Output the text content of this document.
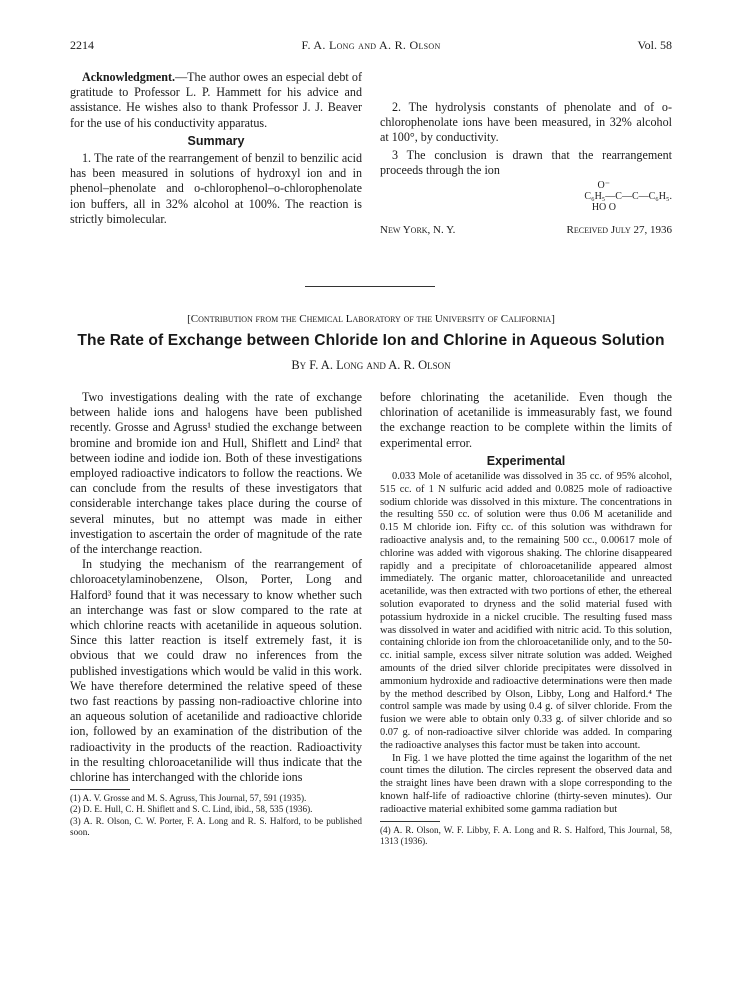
2214	F. A. Long and A. R. Olson	Vol. 58

Acknowledgment.—The author owes an especial debt of gratitude to Professor L. P. Hammett for his advice and assistance. He wishes also to thank Professor J. J. Beaver for the use of his conductivity apparatus.

Summary

1. The rate of the rearrangement of benzil to benzilic acid has been measured in solutions of hydroxyl ion and in phenol–phenolate and o-chlorophenol–o-chlorophenolate ion buffers, all in 32% alcohol at 100%. The reaction is strictly bimolecular.

2. The hydrolysis constants of phenolate and of o-chlorophenolate ions have been measured, in 32% alcohol at 100°, by conductivity.

3 The conclusion is drawn that the rearrangement proceeds through the ion

O⁻
C₆H₅—C—C—C₆H₅.
HO O
New York, N. Y.	Received July 27, 1936
[Contribution from the Chemical Laboratory of the University of California]
The Rate of Exchange between Chloride Ion and Chlorine in Aqueous Solution
By F. A. Long and A. R. Olson

Two investigations dealing with the rate of exchange between halide ions and halogens have been published recently. Grosse and Agruss¹ studied the exchange between bromine and bromide ion and Hull, Shiflett and Lind² that between iodine and iodide ion. Both of these investigations employed radioactive indicators to follow the reactions. We can conclude from the results of these investigators that considerable interchange takes place during the course of several minutes, but no attempt was made in either investigation to ascertain the order of magnitude of the rate of the interchange reaction.

In studying the mechanism of the rearrangement of chloroacetylaminobenzene, Olson, Porter, Long and Halford³ found that it was necessary to know whether such an interchange was fast or slow compared to the rate at which chlorine reacts with acetanilide in aqueous solution. Since this latter reaction is itself extremely fast, it is obvious that we could draw no inferences from the published investigations which would be valid in this work. We have therefore determined the relative speed of these two fast reactions by passing non-radioactive chlorine into an aqueous solution of acetanilide and radioactive chloride ion, followed by an examination of the distribution of the radioactivity in the products of the reaction. Radioactivity in the resulting chloroacetanilide will thus indicate that the chlorine has interchanged with the chloride ions

(1) A. V. Grosse and M. S. Agruss, This Journal, 57, 591 (1935).
(2) D. E. Hull, C. H. Shiflett and S. C. Lind, ibid., 58, 535 (1936).
(3) A. R. Olson, C. W. Porter, F. A. Long and R. S. Halford, to be published soon.

before chlorinating the acetanilide. Even though the chlorination of acetanilide is immeasurably fast, we found the exchange reaction to be complete within the limits of experimental error.

Experimental

0.033 Mole of acetanilide was dissolved in 35 cc. of 95% alcohol, 515 cc. of 1 N sulfuric acid added and 0.0825 mole of radioactive sodium chloride was dissolved in this mixture. The concentrations in the resulting 550 cc. of solution were thus 0.06 M acetanilide and 0.15 M chloride ion. Fifty cc. of this solution was withdrawn for radioactive analysis and, to the remaining 500 cc., 0.00617 mole of chlorine was added with vigorous shaking. The chlorine disappeared rapidly and a precipitate of chloroacetanilide appeared almost immediately. The organic matter, chloroacetanilide and unreacted acetanilide, was then extracted with two portions of ether, the ethereal solution evaporated to dryness and the solid material fused with potassium hydroxide in a nickel crucible. The resulting fused mass was dissolved in water and acidified with nitric acid. To this solution, containing chloride ion from the chloroacetanilide only, and to the 50-cc. initial sample, excess silver nitrate solution was added. Weighed amounts of the dried silver chloride precipitates were dissolved in ammonium hydroxide and radioactive determinations were then made by the method described by Olson, Libby, Long and Halford.⁴ The control sample was made by using 0.4 g. of silver chloride. From the fusion we were able to obtain only 0.33 g. of silver chloride and so 0.07 g. of non-radioactive silver chloride was added. In comparing the radioactive analyses this factor must be taken into account.

In Fig. 1 we have plotted the time against the logarithm of the net count times the dilution. The circles represent the observed data and the straight lines have been drawn with a slope corresponding to the known half-life of radioactive chlorine (thirty-seven minutes). Our radioactive material exhibited some gamma radiation but

(4) A. R. Olson, W. F. Libby, F. A. Long and R. S. Halford, This Journal, 58, 1313 (1936).
